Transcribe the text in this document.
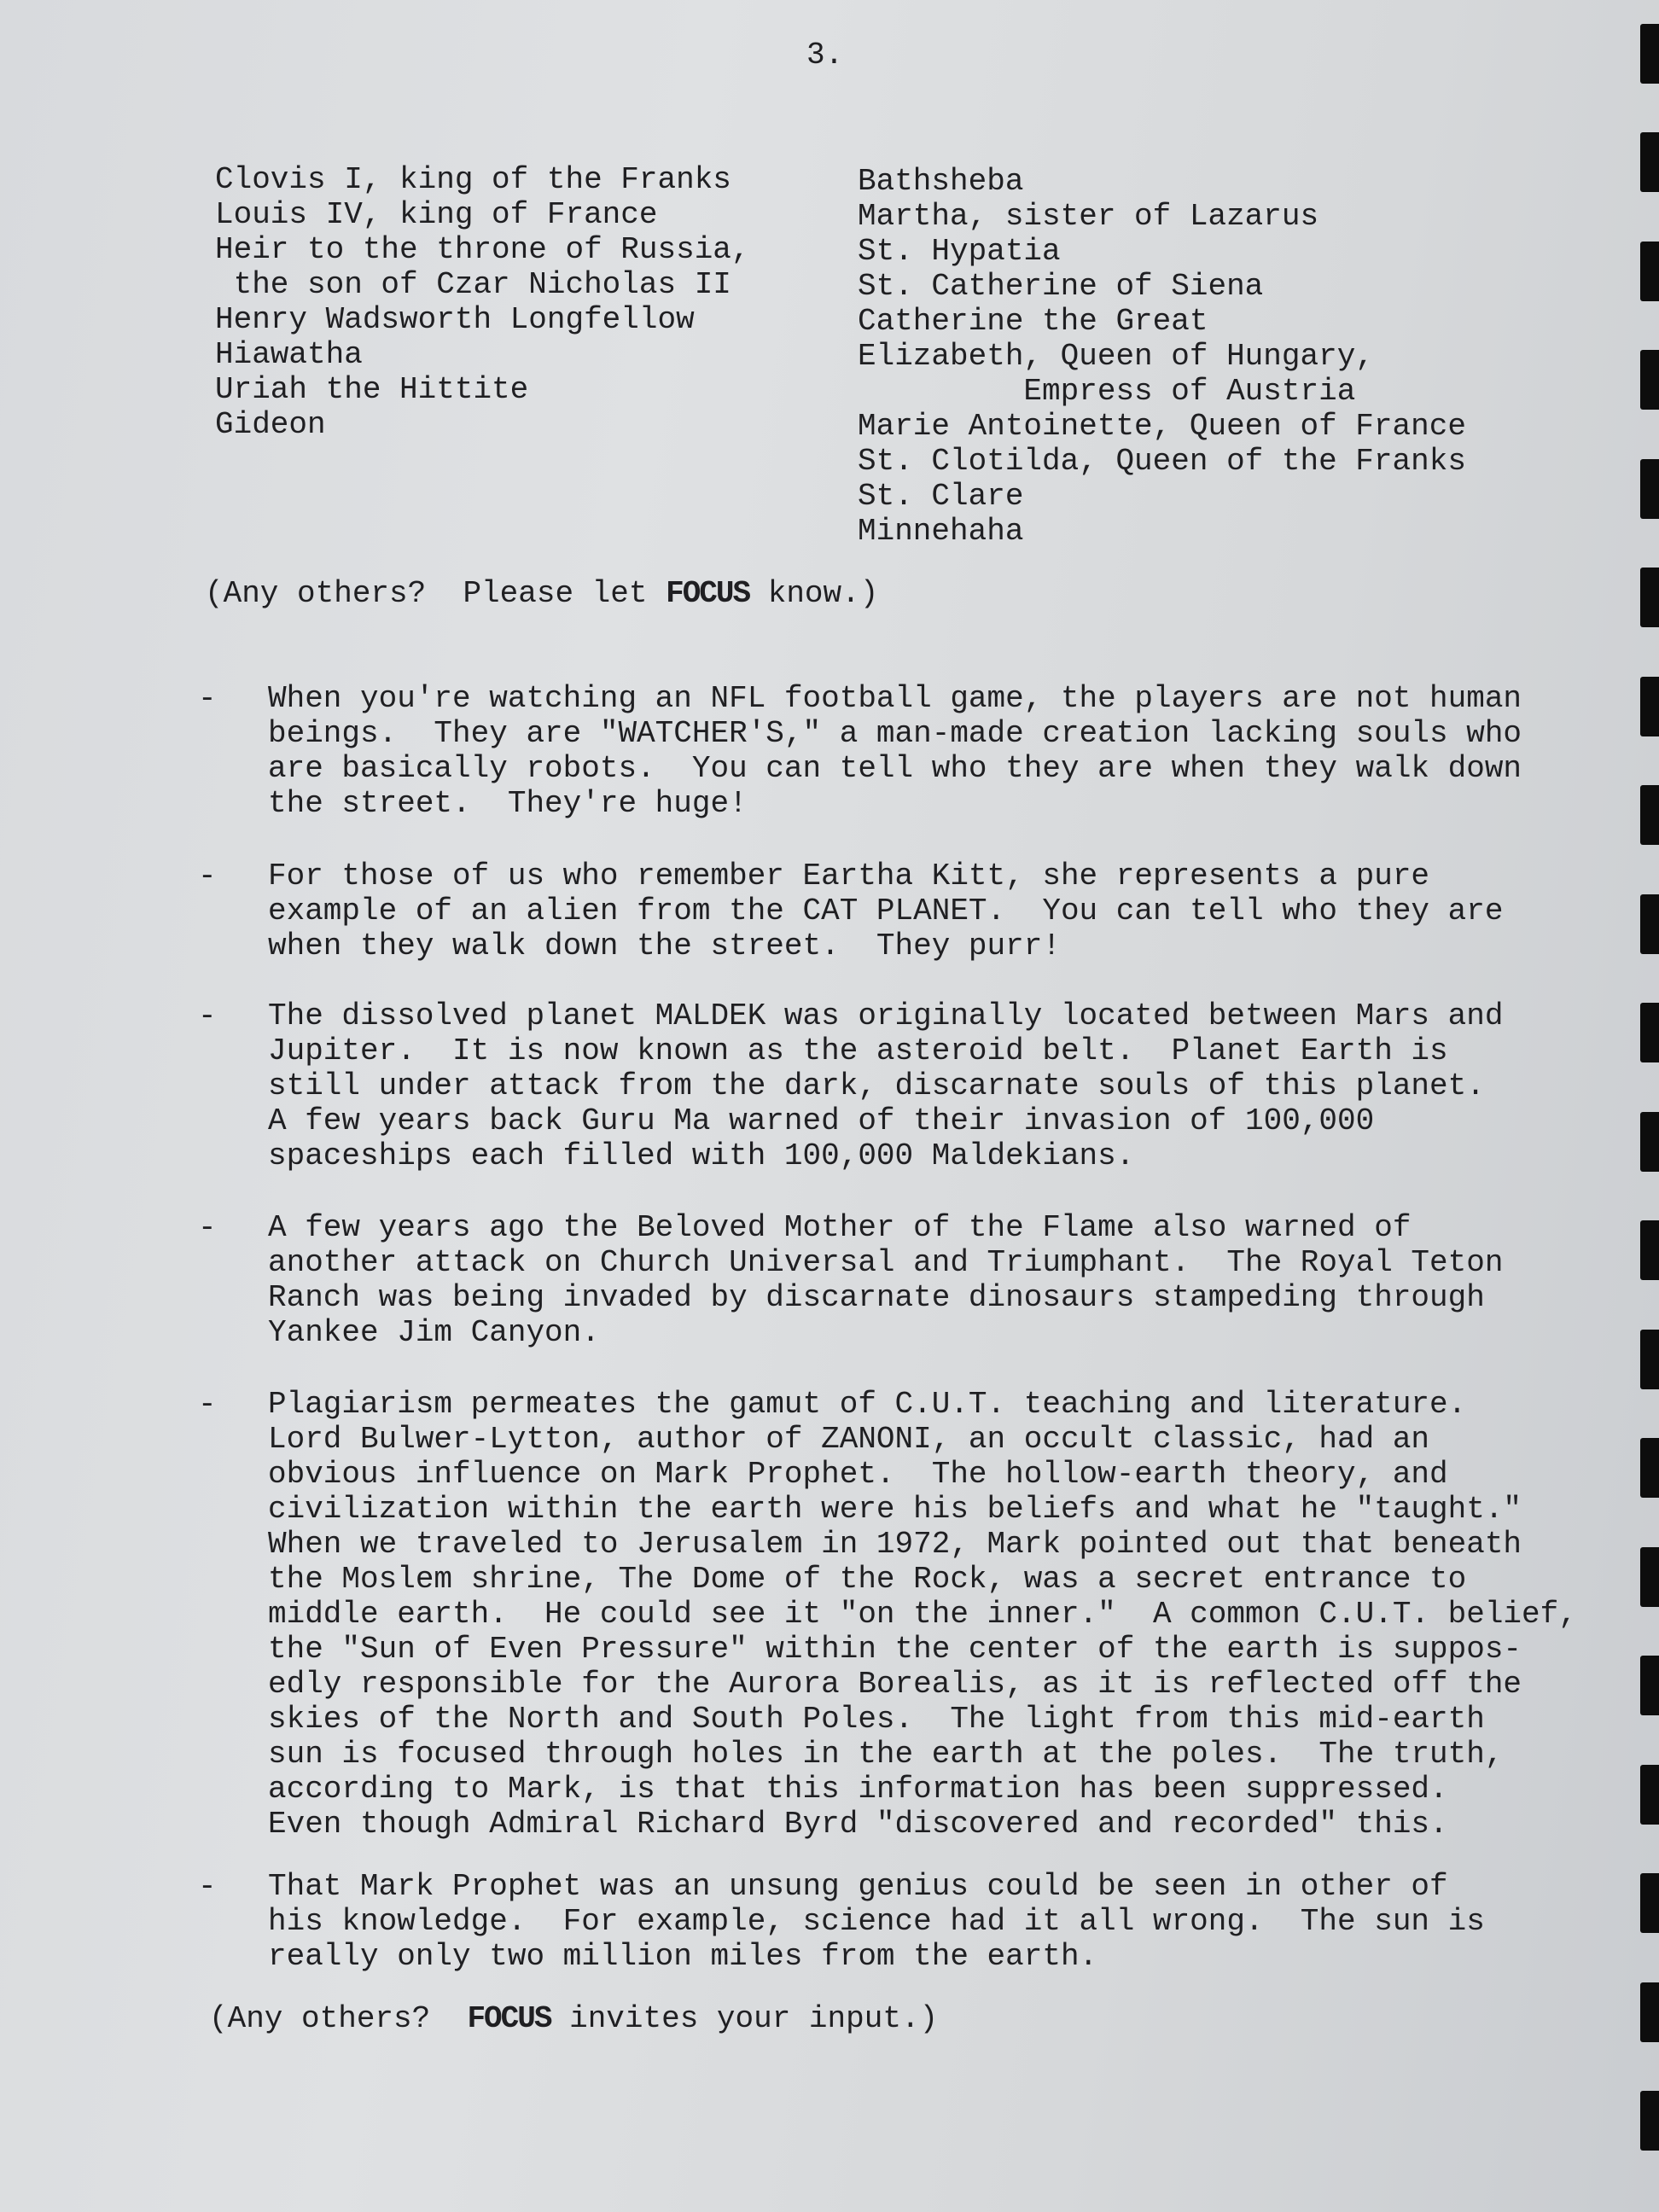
3.
Clovis I, king of the Franks
Louis IV, king of France
Heir to the throne of Russia,
the son of Czar Nicholas II
Henry Wadsworth Longfellow
Hiawatha
Uriah the Hittite
Gideon
Bathsheba
Martha, sister of Lazarus
St. Hypatia
St. Catherine of Siena
Catherine the Great
Elizabeth, Queen of Hungary,
Empress of Austria
Marie Antoinette, Queen of France
St. Clotilda, Queen of the Franks
St. Clare
Minnehaha
(Any others?  Please let FOCUS know.)
- When you're watching an NFL football game, the players are not human
beings.  They are "WATCHER'S," a man-made creation lacking souls who
are basically robots.  You can tell who they are when they walk down
the street.  They're huge!
- For those of us who remember Eartha Kitt, she represents a pure
example of an alien from the CAT PLANET.  You can tell who they are
when they walk down the street.  They purr!
- The dissolved planet MALDEK was originally located between Mars and
Jupiter.  It is now known as the asteroid belt.  Planet Earth is
still under attack from the dark, discarnate souls of this planet.
A few years back Guru Ma warned of their invasion of 100,000
spaceships each filled with 100,000 Maldekians.
- A few years ago the Beloved Mother of the Flame also warned of
another attack on Church Universal and Triumphant.  The Royal Teton
Ranch was being invaded by discarnate dinosaurs stampeding through
Yankee Jim Canyon.
- Plagiarism permeates the gamut of C.U.T. teaching and literature.
Lord Bulwer-Lytton, author of ZANONI, an occult classic, had an
obvious influence on Mark Prophet.  The hollow-earth theory, and
civilization within the earth were his beliefs and what he "taught."
When we traveled to Jerusalem in 1972, Mark pointed out that beneath
the Moslem shrine, The Dome of the Rock, was a secret entrance to
middle earth.  He could see it "on the inner."  A common C.U.T. belief,
the "Sun of Even Pressure" within the center of the earth is suppos-
edly responsible for the Aurora Borealis, as it is reflected off the
skies of the North and South Poles.  The light from this mid-earth
sun is focused through holes in the earth at the poles.  The truth,
according to Mark, is that this information has been suppressed.
Even though Admiral Richard Byrd "discovered and recorded" this.
- That Mark Prophet was an unsung genius could be seen in other of
his knowledge.  For example, science had it all wrong.  The sun is
really only two million miles from the earth.
(Any others?  FOCUS invites your input.)
